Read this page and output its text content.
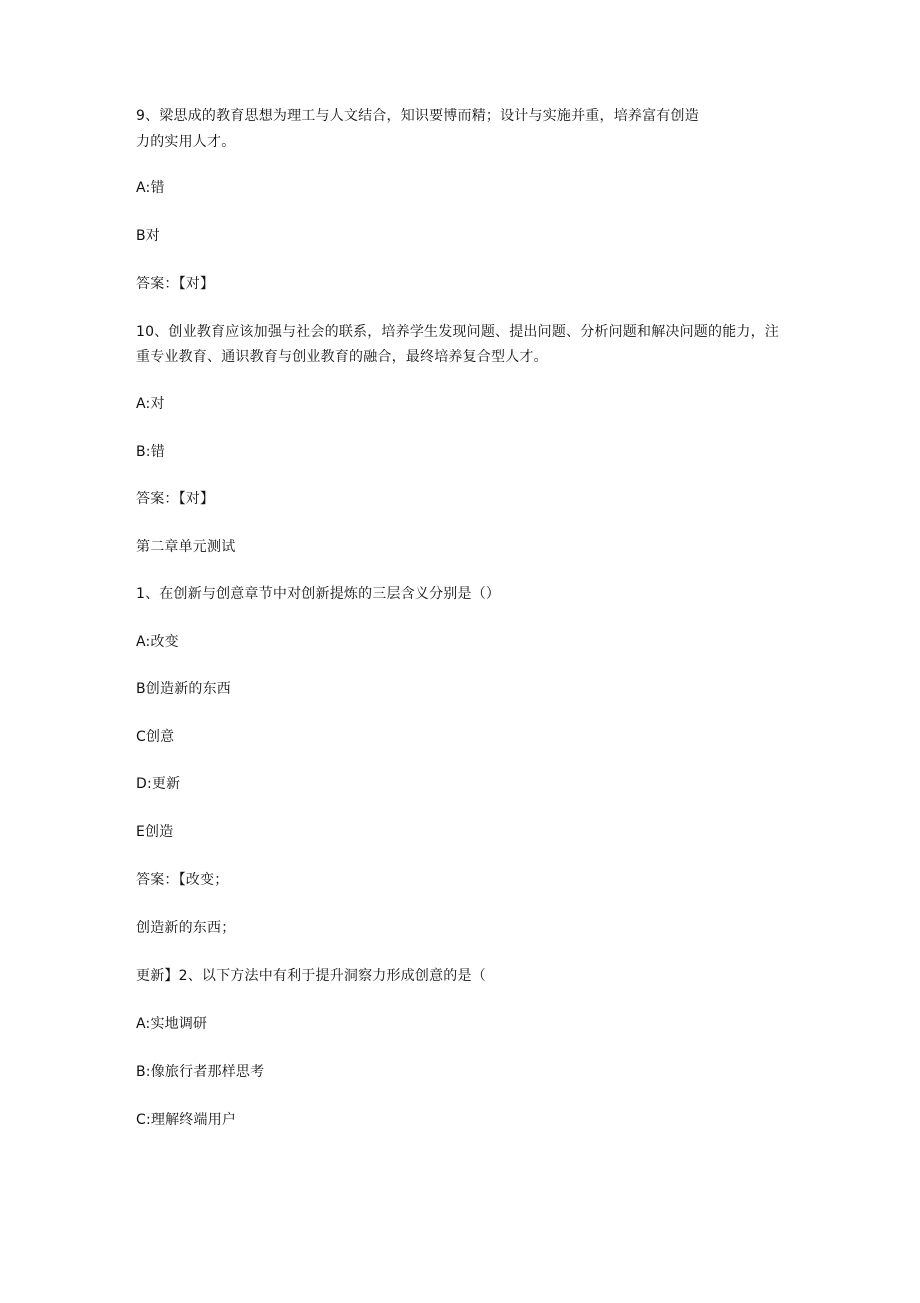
9、梁思成的教育思想为理工与人文结合，知识要博而精；设计与实施并重，培养富有创造
力的实用人才。
A:错
B对
答案：【对】
10、创业教育应该加强与社会的联系，培养学生发现问题、提出问题、分析问题和解决问题的能力，注
重专业教育、通识教育与创业教育的融合，最终培养复合型人才。
A:对
B:错
答案：【对】
第二章单元测试
1、在创新与创意章节中对创新提炼的三层含义分别是（）
A:改变
B创造新的东西
C创意
D:更新
E创造
答案：【改变；
创造新的东西；
更新】2、以下方法中有利于提升洞察力形成创意的是（
A:实地调研
B:像旅行者那样思考
C:理解终端用户
